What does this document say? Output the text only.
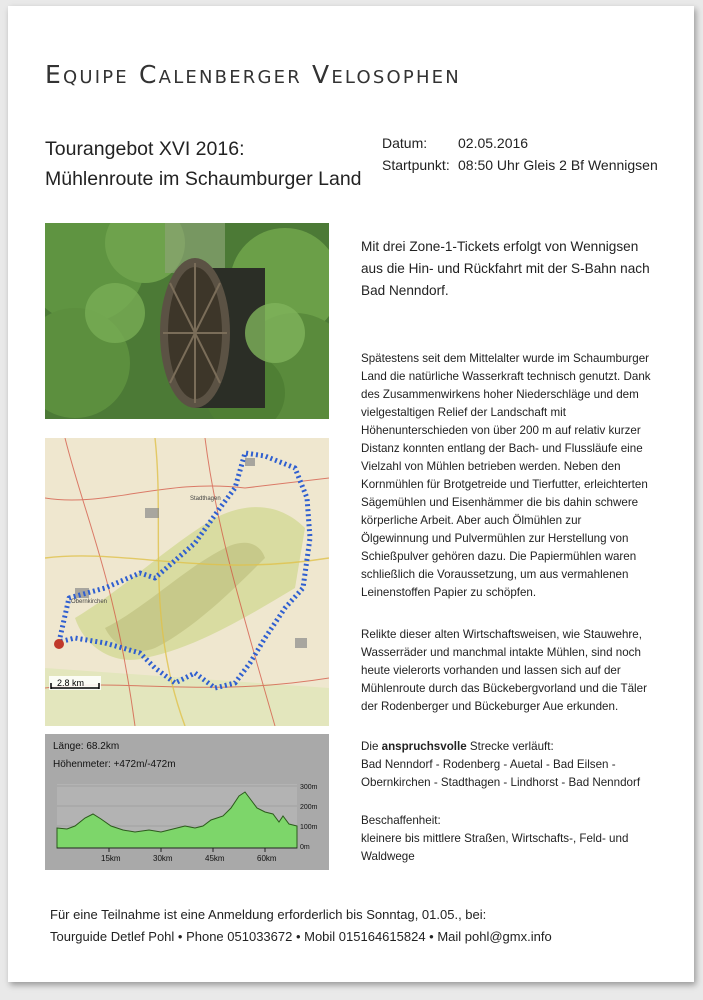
Equipe Calenberger Velosophen
Tourangebot XVI 2016:
Mühlenroute im Schaumburger Land
Datum:	02.05.2016
Startpunkt: 08:50 Uhr Gleis 2 Bf Wennigsen
2.8 km
Obernkirchen
Stadthagen
Länge: 68.2km
Höhenmeter: +472m/-472m
15km	30km	45km	60km
300m
200m
100m
0m
Mit drei Zone-1-Tickets erfolgt von Wennigsen aus die Hin- und Rückfahrt mit der S-Bahn nach Bad Nenndorf.
Spätestens seit dem Mittelalter wurde im Schaumburger Land die natürliche Wasserkraft technisch genutzt. Dank des Zusammenwirkens hoher Niederschläge und dem vielgestaltigen Relief der Landschaft mit Höhenunterschieden von über 200 m auf relativ kurzer Distanz konnten entlang der Bach- und Flussläufe eine Vielzahl von Mühlen betrieben werden. Neben den Kornmühlen für Brotgetreide und Tierfutter, erleichterten Sägemühlen und Eisenhämmer die bis dahin schwere körperliche Arbeit. Aber auch Ölmühlen zur Ölgewinnung und Pulvermühlen zur Herstellung von Schießpulver gehören dazu. Die Papiermühlen waren schließlich die Voraussetzung, um aus vermahlenen Leinenstoffen Papier zu schöpfen.
Relikte dieser alten Wirtschaftsweisen, wie Stauwehre, Wasserräder und manchmal intakte Mühlen, sind noch heute vielerorts vorhanden und lassen sich auf der Mühlenroute durch das Bückebergvorland und die Täler der Rodenberger und Bückeburger Aue erkunden.
Die anspruchsvolle Strecke verläuft:
Bad Nenndorf - Rodenberg - Auetal - Bad Eilsen - Obernkirchen - Stadthagen - Lindhorst - Bad Nenndorf
Beschaffenheit:
kleinere bis mittlere Straßen, Wirtschafts-, Feld- und Waldwege
Für eine Teilnahme ist eine Anmeldung erforderlich bis Sonntag, 01.05., bei:
Tourguide Detlef Pohl • Phone 051033672 • Mobil 015164615824 • Mail pohl@gmx.info
